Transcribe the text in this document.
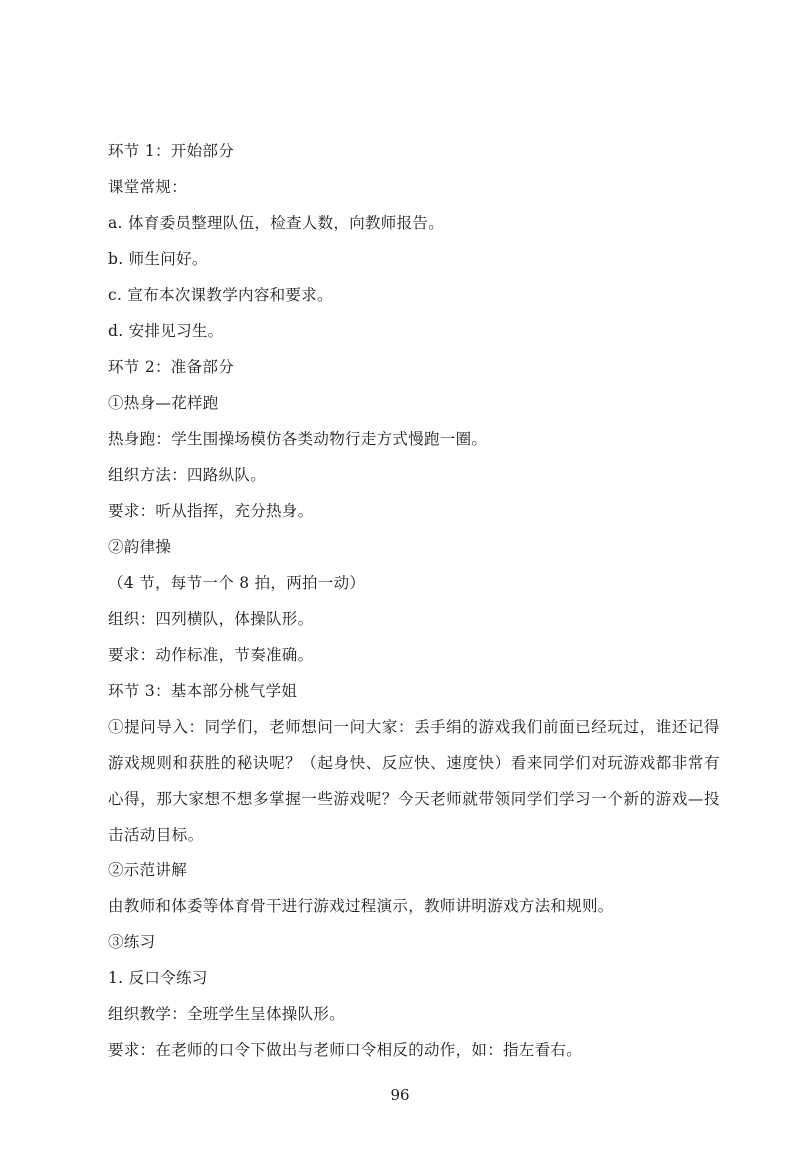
环节 1：开始部分
课堂常规：
a. 体育委员整理队伍，检查人数，向教师报告。
b. 师生问好。
c. 宣布本次课教学内容和要求。
d. 安排见习生。
环节 2：准备部分
①热身—花样跑
热身跑：学生围操场模仿各类动物行走方式慢跑一圈。
组织方法：四路纵队。
要求：听从指挥，充分热身。
②韵律操
（4 节，每节一个 8 拍，两拍一动）
组织：四列横队，体操队形。
要求：动作标准，节奏准确。
环节 3：基本部分桃气学姐
①提问导入：同学们，老师想问一问大家：丢手绢的游戏我们前面已经玩过，谁还记得游戏规则和获胜的秘诀呢？（起身快、反应快、速度快）看来同学们对玩游戏都非常有心得，那大家想不想多掌握一些游戏呢？今天老师就带领同学们学习一个新的游戏—投击活动目标。
②示范讲解
由教师和体委等体育骨干进行游戏过程演示，教师讲明游戏方法和规则。
③练习
1. 反口令练习
组织教学：全班学生呈体操队形。
要求：在老师的口令下做出与老师口令相反的动作，如：指左看右。
96
